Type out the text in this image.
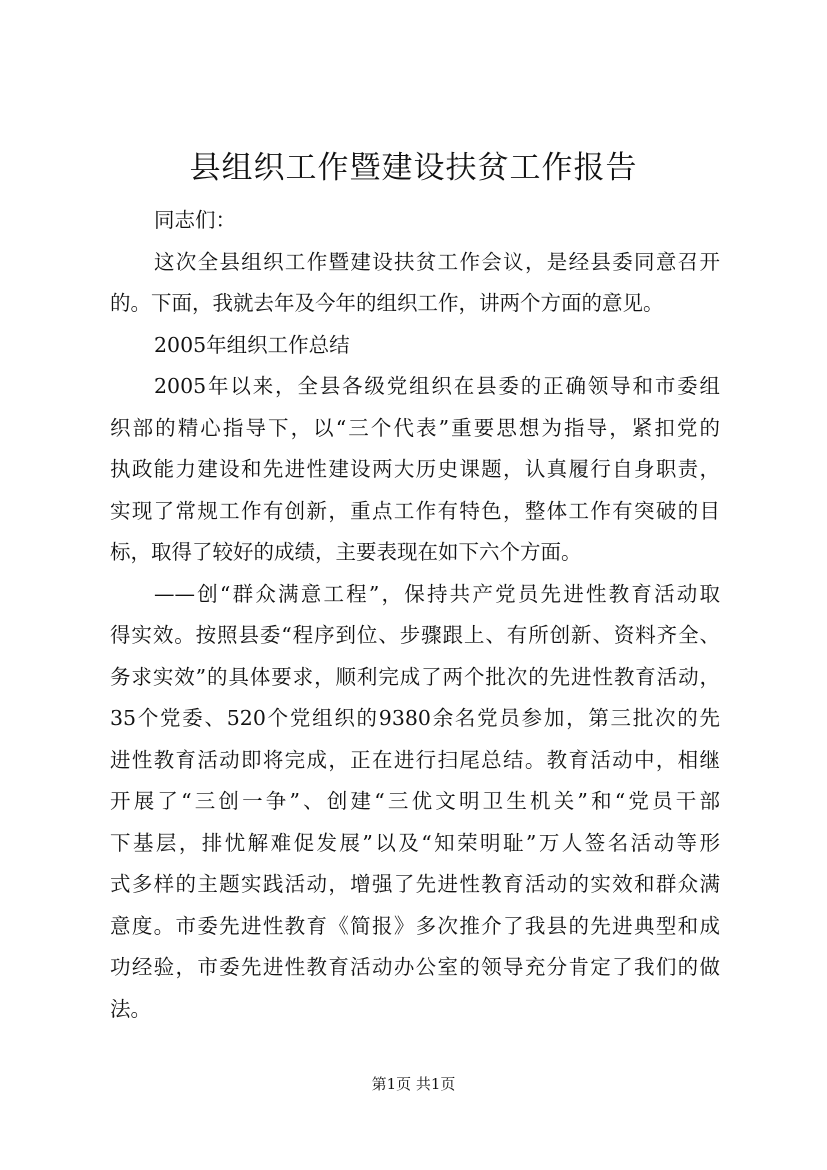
县组织工作暨建设扶贫工作报告
同志们：
这次全县组织工作暨建设扶贫工作会议，是经县委同意召开
的。下面，我就去年及今年的组织工作，讲两个方面的意见。
2005年组织工作总结
2005年以来，全县各级党组织在县委的正确领导和市委组
织部的精心指导下，以“三个代表”重要思想为指导，紧扣党的
执政能力建设和先进性建设两大历史课题，认真履行自身职责，
实现了常规工作有创新，重点工作有特色，整体工作有突破的目
标，取得了较好的成绩，主要表现在如下六个方面。
——创“群众满意工程”，保持共产党员先进性教育活动取
得实效。按照县委“程序到位、步骤跟上、有所创新、资料齐全、
务求实效”的具体要求，顺利完成了两个批次的先进性教育活动，
35个党委、520个党组织的9380余名党员参加，第三批次的先
进性教育活动即将完成，正在进行扫尾总结。教育活动中，相继
开展了“三创一争”、创建“三优文明卫生机关”和“党员干部
下基层，排忧解难促发展”以及“知荣明耻”万人签名活动等形
式多样的主题实践活动，增强了先进性教育活动的实效和群众满
意度。市委先进性教育《简报》多次推介了我县的先进典型和成
功经验，市委先进性教育活动办公室的领导充分肯定了我们的做
法。
第1页 共1页
